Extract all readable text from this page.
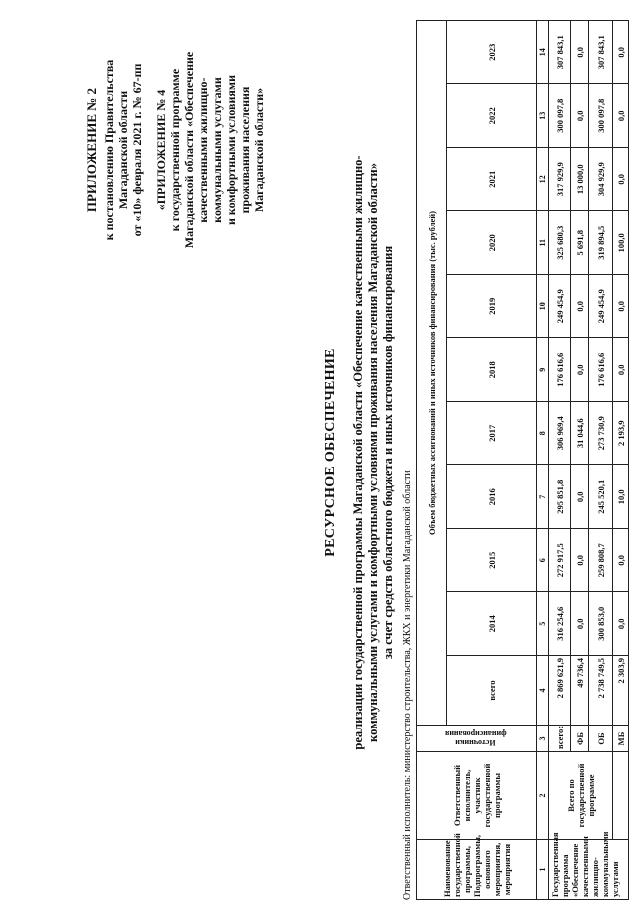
ПРИЛОЖЕНИЕ № 2 к постановлению Правительства Магаданской области от «10» февраля 2021 г. № 67-пп «ПРИЛОЖЕНИЕ № 4 к государственной программе Магаданской области «Обеспечение качественными жилищно- коммунальными услугами и комфортными условиями проживания населения Магаданской области»
РЕСУРСНОЕ ОБЕСПЕЧЕНИЕ реализации государственной программы Магаданской области «Обеспечение качественными жилищно- коммунальными услугами и комфортными условиями проживания населения Магаданской области» за счет средств областного бюджета и иных источников финансирования
Ответственный исполнитель: министерство строительства, ЖКХ и энергетики Магаданской области	Наименование государственной программы, Подпрограммы, основного мероприятия, мероприятия	Ответственный исполнитель, участник государственной программы	Источники
финансирования	Объем бюджетных ассигнований и иных источников финансирования (тыс. рублей)										
			всего	2014	2015	2016	2017	2018	2019	2020	2021	2022	2023
1	2	3	4	5	6	7	8	9	10	11	12	13	14
Государственная программа «Обеспечение качественными жилищно-коммунальными услугами	Всего по государственной программе	всего:	2 869 621,9	316 254,6	272 917,5	295 851,8	306 969,4	176 616,6	249 454,9	325 680,3	317 929,9	300 097,8	307 843,1
		ФБ	49 736,4	0,0	0,0	0,0	31 044,6	0,0	0,0	5 691,8	13 000,0	0,0	0,0
		ОБ	2 738 749,5	300 853,0	259 808,7	245 520,1	273 730,9	176 616,6	249 454,9	319 894,5	304 929,9	300 097,8	307 843,1
		МБ	2 303,9	0,0	0,0	10,0	2 193,9	0,0	0,0	100,0	0,0	0,0	0,0
